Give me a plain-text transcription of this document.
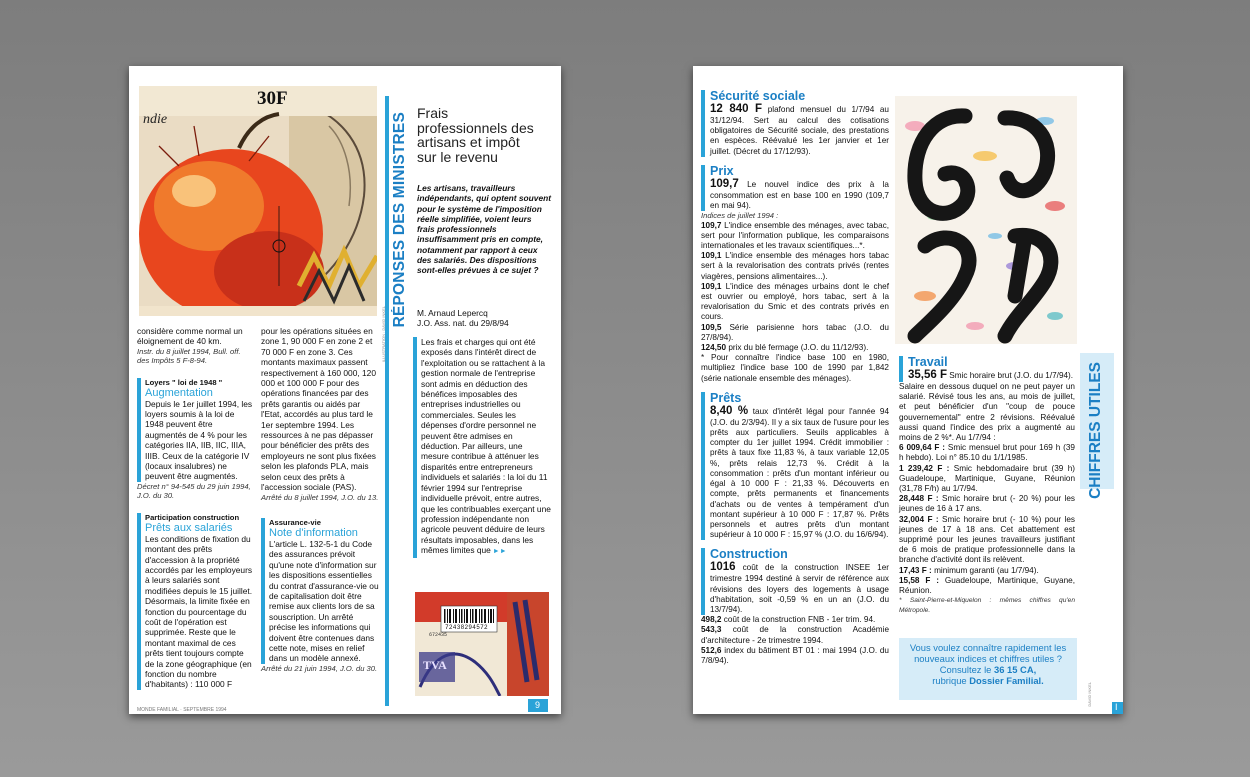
30F
ndie
ILLUSTRATION : DAVID INKEL
RÉPONSES DES MINISTRES Frais professionnels des artisans et impôt sur le revenu
Les artisans, travailleurs indépendants, qui optent souvent pour le système de l'imposition réelle simplifiée, voient leurs frais professionnels insuffisamment pris en compte, notamment par rapport à ceux des salariés. Des dispositions sont-elles prévues à ce sujet ?
M. Arnaud Lepercq
J.O. Ass. nat. du 29/8/94
Les frais et charges qui ont été exposés dans l'intérêt direct de l'exploitation ou se rattachent à la gestion normale de l'entreprise sont admis en déduction des bénéfices imposables des entreprises industrielles ou commerciales. Seules les dépenses d'ordre personnel ne peuvent être admises en déduction. Par ailleurs, une mesure contribue à atténuer les disparités entre entrepreneurs individuels et salariés : la loi du 11 février 1994 sur l'entreprise individuelle prévoit, entre autres, que les contribuables exerçant une profession indépendante non agricole peuvent déduire de leurs résultats imposables, dans les mêmes limites que ►►
72438294572
672435
TVA
9
MONDE FAMILIAL · SEPTEMBRE 1994

considère comme normal un éloignement de 40 km.

Instr. du 8 juillet 1994, Bull. off. des Impôts 5 F-8-94.

Loyers " loi de 1948 "

Augmentation

Depuis le 1er juillet 1994, les loyers soumis à la loi de 1948 peuvent être augmentés de 4 % pour les catégories IIA, IIB, IIC, IIIA, IIIB. Ceux de la catégorie IV (locaux insalubres) ne peuvent être augmentés.

Décret n° 94-545 du 29 juin 1994, J.O. du 30.

Participation construction

Prêts aux salariés

Les conditions de fixation du montant des prêts d'accession à la propriété accordés par les employeurs à leurs salariés sont modifiées depuis le 15 juillet. Désormais, la limite fixée en fonction du pourcentage du coût de l'opération est supprimée. Reste que le montant maximal de ces prêts tient toujours compte de la zone géographique (en fonction du nombre d'habitants) : 110 000 F

pour les opérations situées en zone 1, 90 000 F en zone 2 et 70 000 F en zone 3. Ces montants maximaux passent respectivement à 160 000, 120 000 et 100 000 F pour des opérations financées par des prêts garantis ou aidés par l'Etat, accordés au plus tard le 1er septembre 1994. Les ressources à ne pas dépasser pour bénéficier des prêts des employeurs ne sont plus fixées selon les plafonds PLA, mais selon ceux des prêts à l'accession sociale (PAS).

Arrêté du 8 juillet 1994, J.O. du 13.

Assurance-vie

Note d'information

L'article L. 132-5-1 du Code des assurances prévoit qu'une note d'information sur les dispositions essentielles du contrat d'assurance-vie ou de capitalisation doit être remise aux clients lors de sa souscription. Un arrêté précise les informations qui doivent être contenues dans cette note, mises en relief dans un modèle annexé.

Arrêté du 21 juin 1994, J.O. du 30.

Sécurité sociale

12 840 F plafond mensuel du 1/7/94 au 31/12/94. Sert au calcul des cotisations obligatoires de Sécurité sociale, des prestations en espèces. Réévalué les 1er janvier et 1er juillet. (Décret du 17/12/93).

Prix

109,7 Le nouvel indice des prix à la consommation est en base 100 en 1990 (109,7 en mai 94).

Indices de juillet 1994 :

109,7 L'indice ensemble des ménages, avec tabac, sert pour l'information publique, les comparaisons internationales et les travaux scientifiques...*.

109,1 L'indice ensemble des ménages hors tabac sert à la revalorisation des contrats privés (rentes viagères, pensions alimentaires...).

109,1 L'indice des ménages urbains dont le chef est ouvrier ou employé, hors tabac, sert à la revalorisation du Smic et des contrats privés en cours.

109,5 Série parisienne hors tabac (J.O. du 27/8/94).

124,50 prix du blé fermage (J.O. du 11/12/93).

* Pour connaître l'indice base 100 en 1980, multipliez l'indice base 100 de 1990 par 1,842 (série nationale ensemble des ménages).

Prêts

8,40 % taux d'intérêt légal pour l'année 94 (J.O. du 2/3/94). Il y a six taux de l'usure pour les prêts aux particuliers. Seuils applicables à compter du 1er juillet 1994. Crédit immobilier : prêts à taux fixe 11,83 %, à taux variable 12,05 %, prêts relais 12,73 %. Crédit à la consommation : prêts d'un montant inférieur ou égal à 10 000 F : 21,33 %. Découverts en compte, prêts permanents et financements d'achats ou de ventes à tempérament d'un montant supérieur à 10 000 F : 17,87 %. Prêts personnels et autres prêts d'un montant supérieur à 10 000 F : 15,97 % (J.O. du 16/6/94).

Construction

1016 coût de la construction INSEE 1er trimestre 1994 destiné à servir de référence aux révisions des loyers des logements à usage d'habitation, soit -0,59 % en un an (J.O. du 13/7/94).

498,2 coût de la construction FNB - 1er trim. 94.

543,3 coût de la construction Académie d'architecture - 2e trimestre 1994.

512,6 index du bâtiment BT 01 : mai 1994 (J.O. du 7/8/94).

DAVID INKEL
CHIFFRES UTILES

Travail

35,56 F Smic horaire brut (J.O. du 1/7/94).

Salaire en dessous duquel on ne peut payer un salarié. Révisé tous les ans, au mois de juillet, et peut bénéficier d'un "coup de pouce gouvernemental" entre 2 révisions. Réévalué aussi quand l'indice des prix a augmenté au moins de 2 %*. Au 1/7/94 :

6 009,64 F : Smic mensuel brut pour 169 h (39 h hebdo). Loi n° 85.10 du 1/1/1985.

1 239,42 F : Smic hebdomadaire brut (39 h) Guadeloupe, Martinique, Guyane, Réunion (31,78 F/h) au 1/7/94.

28,448 F : Smic horaire brut (- 20 %) pour les jeunes de 16 à 17 ans.

32,004 F : Smic horaire brut (- 10 %) pour les jeunes de 17 à 18 ans. Cet abattement est supprimé pour les jeunes travailleurs justifiant de 6 mois de pratique professionnelle dans la branche d'activité dont ils relèvent.

17,43 F : minimum garanti (au 1/7/94).

15,58 F : Guadeloupe, Martinique, Guyane, Réunion.

* Saint-Pierre-et-Miquelon : mêmes chiffres qu'en Métropole.

Vous voulez connaître rapidement les nouveaux indices et chiffres utiles ?
Consultez le 36 15 CA,
rubrique Dossier Familial.
I
